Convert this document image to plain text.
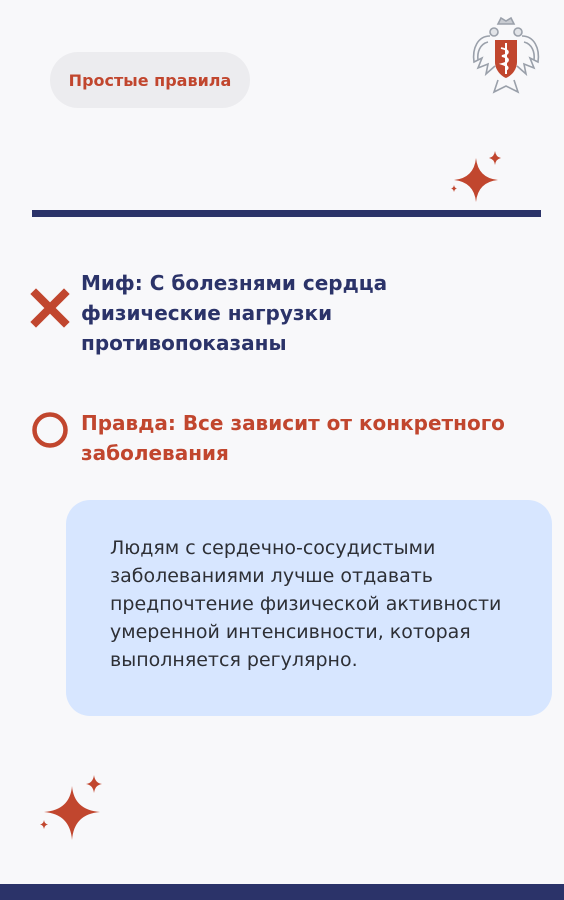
Простые правила
Миф: С болезнями сердца физические нагрузки противопоказаны
Правда: Все зависит от конкретного заболевания
Людям с сердечно-сосудистыми заболеваниями лучше отдавать предпочтение физической активности умеренной интенсивности, которая выполняется регулярно.
